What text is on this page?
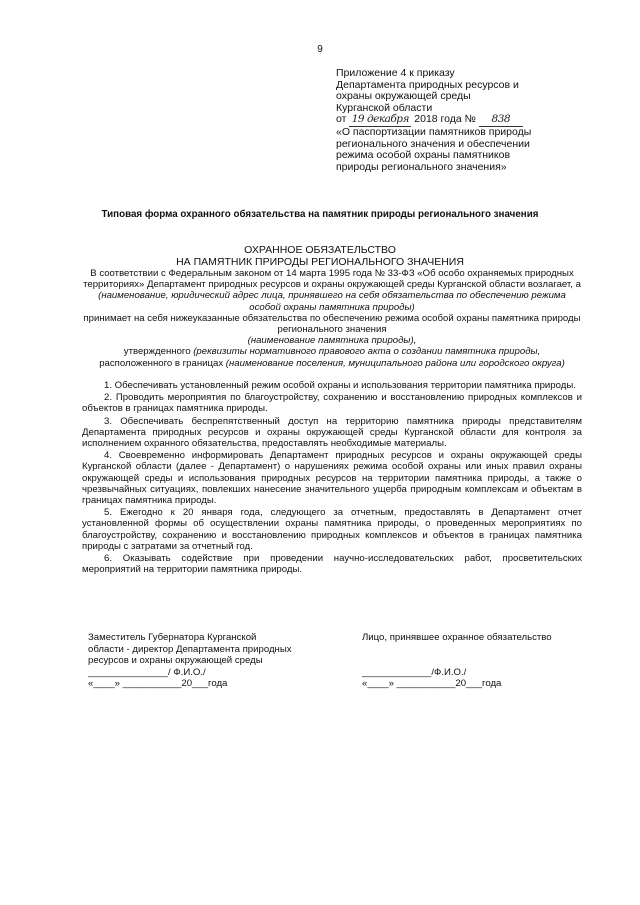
9
Приложение 4 к приказу
Департамента природных ресурсов и
охраны окружающей среды
Курганской области
от 19 декабря 2018 года № 838
«О паспортизации памятников природы
регионального значения и обеспечении
режима особой охраны памятников
природы регионального значения»
Типовая форма охранного обязательства на памятник природы регионального значения
ОХРАННОЕ ОБЯЗАТЕЛЬСТВО
НА ПАМЯТНИК ПРИРОДЫ РЕГИОНАЛЬНОГО ЗНАЧЕНИЯ
В соответствии с Федеральным законом от 14 марта 1995 года № 33-ФЗ «Об особо охраняемых природных территориях» Департамент природных ресурсов и охраны окружающей среды Курганской области возлагает, а (наименование, юридический адрес лица, принявшего на себя обязательства по обеспечению режима особой охраны памятника природы)
принимает на себя нижеуказанные обязательства по обеспечению режима особой охраны памятника природы регионального значения
(наименование памятника природы),
утвержденного (реквизиты нормативного правового акта о создании памятника природы,
расположенного в границах (наименование поселения, муниципального района или городского округа)
1. Обеспечивать установленный режим особой охраны и использования территории памятника природы.
2. Проводить мероприятия по благоустройству, сохранению и восстановлению природных комплексов и объектов в границах памятника природы.
3. Обеспечивать беспрепятственный доступ на территорию памятника природы представителям Департамента природных ресурсов и охраны окружающей среды Курганской области для контроля за исполнением охранного обязательства, предоставлять необходимые материалы.
4. Своевременно информировать Департамент природных ресурсов и охраны окружающей среды Курганской области (далее - Департамент) о нарушениях режима особой охраны или иных правил охраны окружающей среды и использования природных ресурсов на территории памятника природы, а также о чрезвычайных ситуациях, повлекших нанесение значительного ущерба природным комплексам и объектам в границах памятника природы.
5. Ежегодно к 20 января года, следующего за отчетным, предоставлять в Департамент отчет установленной формы об осуществлении охраны памятника природы, о проведенных мероприятиях по благоустройству, сохранению и восстановлению природных комплексов и объектов в границах памятника природы с затратами за отчетный год.
6. Оказывать содействие при проведении научно-исследовательских работ, просветительских мероприятий на территории памятника природы.
Заместитель Губернатора Курганской
области - директор Департамента природных
ресурсов и охраны окружающей среды
_______________/ Ф.И.О./
«____» ___________20___года
Лицо, принявшее охранное обязательство
_____________/Ф.И.О./
«____» ___________20___года
